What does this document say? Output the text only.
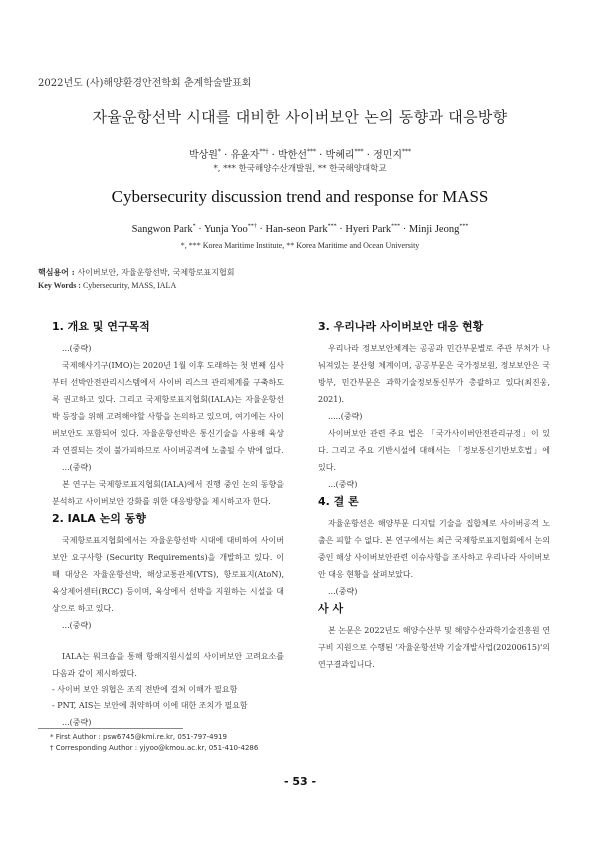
2022년도 (사)해양환경안전학회 춘계학술발표회
자율운항선박 시대를 대비한 사이버보안 논의 동향과 대응방향
박상원* · 유윤자**† · 박한선*** · 박혜리*** · 정민지***
*, *** 한국해양수산개발원, ** 한국해양대학교
Cybersecurity discussion trend and response for MASS
Sangwon Park* · Yunja Yoo**† · Han-seon Park*** · Hyeri Park*** · Minji Jeong***
*, *** Korea Maritime Institute, ** Korea Maritime and Ocean University
핵심용어 : 사이버보안, 자율운항선박, 국제항로표지협회
Key Words : Cybersecurity, MASS, IALA
1. 개요 및 연구목적

...(중략)

국제해사기구(IMO)는 2020년 1월 이후 도래하는 첫 번째 심사부터 선박안전관리시스템에서 사이버 리스크 관리체계를 구축하도록 권고하고 있다. 그리고 국제항로표지협회(IALA)는 자율운항선박 등장을 위해 고려해야할 사항을 논의하고 있으며, 여기에는 사이버보안도 포함되어 있다. 자율운항선박은 통신기술을 사용해 육상과 연결되는 것이 불가피하므로 사이버공격에 노출될 수 밖에 없다.

...(중략)

본 연구는 국제항로표지협회(IALA)에서 진행 중인 논의 동향을 분석하고 사이버보안 강화를 위한 대응방향을 제시하고자 한다.

2. IALA 논의 동향

국제항로표지협회에서는 자율운항선박 시대에 대비하여 사이버보안 요구사항 (Security Requirements)을 개발하고 있다. 이 때 대상은 자율운항선박, 해상교통관제(VTS), 항로표지(AtoN), 육상제어센터(RCC) 등이며, 육상에서 선박을 지원하는 시설을 대상으로 하고 있다.

...(중략)

IALA는 워크숍을 통해 항해지원시설의 사이버보안 고려요소를 다음과 같이 제시하였다.

- 사이버 보안 위협은 조직 전반에 걸쳐 이해가 필요함
- PNT, AIS는 보안에 취약하며 이에 대한 조치가 필요함

...(중략)

3. 우리나라 사이버보안 대응 현황

우리나라 정보보안체계는 공공과 민간부문별로 주관 부처가 나눠져있는 분산형 체계이며, 공공부문은 국가정보원, 정보보안은 국방부, 민간부문은 과학기술정보통신부가 총괄하고 있다(최진웅, 2021).

.....(중략)

사이버보안 관련 주요 법은 「국가사이버안전관리규정」이 있다. 그리고 주요 기반시설에 대해서는 「정보통신기반보호법」에 있다.

...(중략)

4. 결 론

자율운항선은 해양부문 디지털 기술을 집합체로 사이버공격 노출은 피할 수 없다. 본 연구에서는 최근 국제항로표지협회에서 논의 중인 해상 사이버보안관련 이슈사항을 조사하고 우리나라 사이버보안 대응 현황을 살펴보았다.

...(중략)

사 사

본 논문은 2022년도 해양수산부 및 해양수산과학기술진흥원 연구비 지원으로 수행된 '자율운항선박 기술개발사업(20200615)'의 연구결과입니다.

* First Author : psw6745@kmi.re.kr, 051-797-4919
† Corresponding Author : yjyoo@kmou.ac.kr, 051-410-4286
- 53 -
